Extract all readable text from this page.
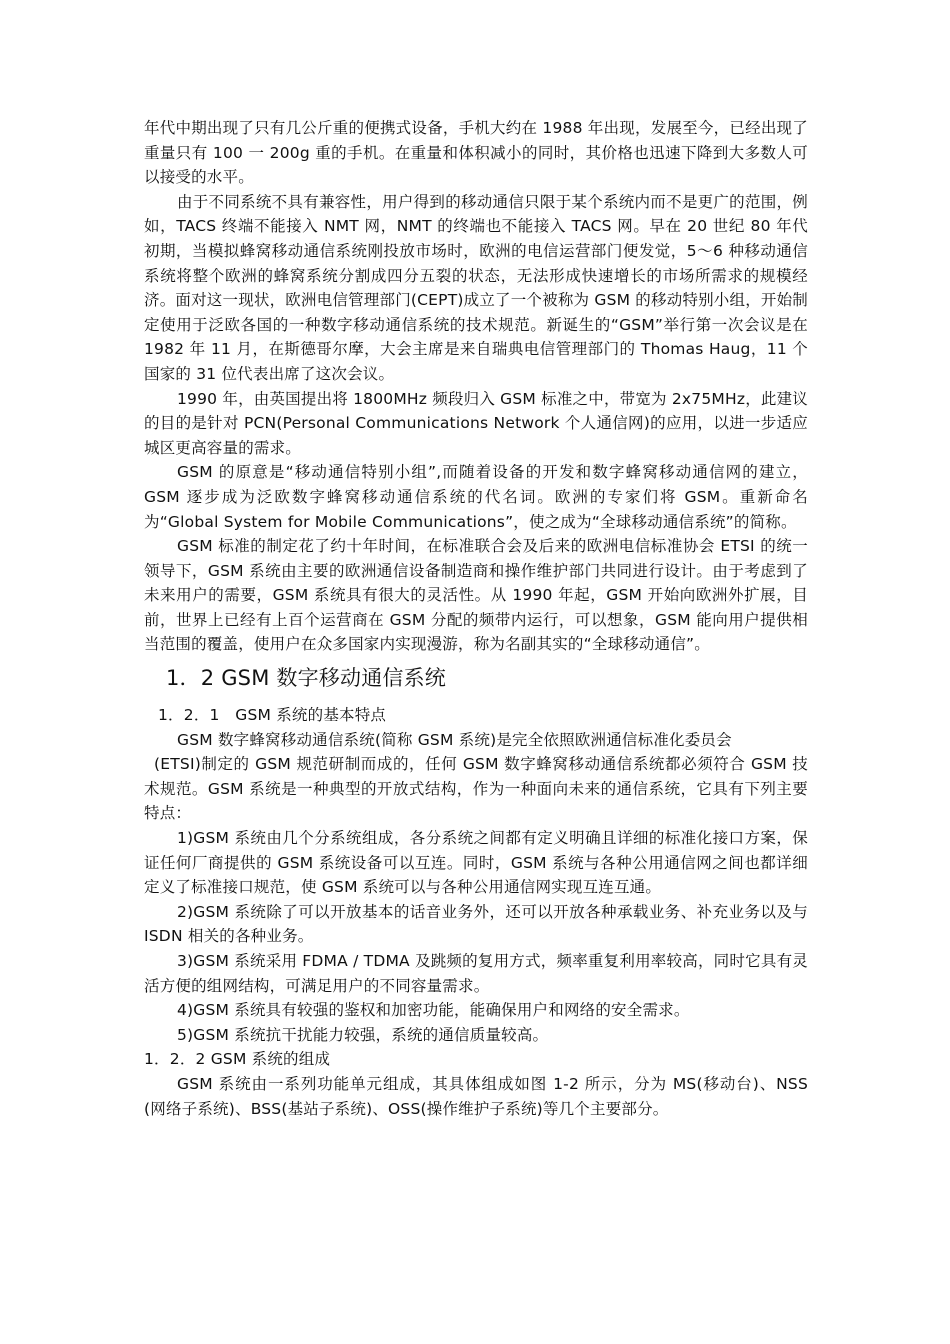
年代中期出现了只有几公斤重的便携式设备，手机大约在 1988 年出现，发展至今，已经出现了重量只有 100 一 200g 重的手机。在重量和体积减小的同时，其价格也迅速下降到大多数人可以接受的水平。

由于不同系统不具有兼容性，用户得到的移动通信只限于某个系统内而不是更广的范围，例如，TACS 终端不能接入 NMT 网，NMT 的终端也不能接入 TACS 网。早在 20 世纪 80 年代初期，当模拟蜂窝移动通信系统刚投放市场时，欧洲的电信运营部门便发觉，5～6 种移动通信系统将整个欧洲的蜂窝系统分割成四分五裂的状态，无法形成快速增长的市场所需求的规模经济。面对这一现状，欧洲电信管理部门(CEPT)成立了一个被称为 GSM 的移动特别小组，开始制定使用于泛欧各国的一种数字移动通信系统的技术规范。新诞生的“GSM”举行第一次会议是在 1982 年 11 月，在斯德哥尔摩，大会主席是来自瑞典电信管理部门的 Thomas Haug，11 个国家的 31 位代表出席了这次会议。

1990 年，由英国提出将 1800MHz 频段归入 GSM 标准之中，带宽为 2x75MHz，此建议的目的是针对 PCN(Personal Communications Network 个人通信网)的应用，以进一步适应城区更高容量的需求。

GSM 的原意是“移动通信特别小组”,而随着设备的开发和数字蜂窝移动通信网的建立，GSM 逐步成为泛欧数字蜂窝移动通信系统的代名词。欧洲的专家们将 GSM。重新命名为“Global System for Mobile Communications”，使之成为“全球移动通信系统”的简称。

GSM 标准的制定花了约十年时间，在标准联合会及后来的欧洲电信标准协会 ETSI 的统一领导下，GSM 系统由主要的欧洲通信设备制造商和操作维护部门共同进行设计。由于考虑到了未来用户的需要，GSM 系统具有很大的灵活性。从 1990 年起，GSM 开始向欧洲外扩展，目前，世界上已经有上百个运营商在 GSM 分配的频带内运行，可以想象，GSM 能向用户提供相当范围的覆盖，使用户在众多国家内实现漫游，称为名副其实的“全球移动通信”。

1．2 GSM 数字移动通信系统

1．2．1　GSM 系统的基本特点

GSM 数字蜂窝移动通信系统(简称 GSM 系统)是完全依照欧洲通信标准化委员会

(ETSI)制定的 GSM 规范研制而成的，任何 GSM 数字蜂窝移动通信系统都必须符合 GSM 技术规范。GSM 系统是一种典型的开放式结构，作为一种面向未来的通信系统，它具有下列主要特点：

1)GSM 系统由几个分系统组成，各分系统之间都有定义明确且详细的标准化接口方案，保证任何厂商提供的 GSM 系统设备可以互连。同时，GSM 系统与各种公用通信网之间也都详细定义了标准接口规范，使 GSM 系统可以与各种公用通信网实现互连互通。

2)GSM 系统除了可以开放基本的话音业务外，还可以开放各种承载业务、补充业务以及与 ISDN 相关的各种业务。

3)GSM 系统采用 FDMA / TDMA 及跳频的复用方式，频率重复利用率较高，同时它具有灵活方便的组网结构，可满足用户的不同容量需求。

4)GSM 系统具有较强的鉴权和加密功能，能确保用户和网络的安全需求。

5)GSM 系统抗干扰能力较强，系统的通信质量较高。

1．2．2 GSM 系统的组成

GSM 系统由一系列功能单元组成，其具体组成如图 1-2 所示，分为 MS(移动台)、NSS (网络子系统)、BSS(基站子系统)、OSS(操作维护子系统)等几个主要部分。
